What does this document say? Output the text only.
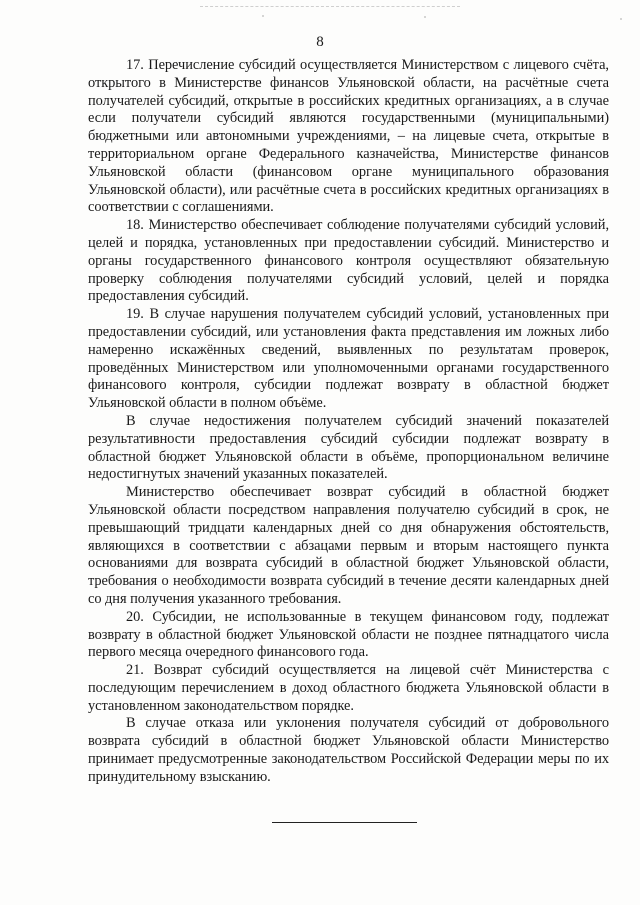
8

17. Перечисление субсидий осуществляется Министерством с лицевого счёта, открытого в Министерстве финансов Ульяновской области, на расчётные счета получателей субсидий, открытые в российских кредитных организациях, а в случае если получатели субсидий являются государственными (муниципальными) бюджетными или автономными учреждениями, – на лицевые счета, открытые в территориальном органе Федерального казначейства, Министерстве финансов Ульяновской области (финансовом органе муниципального образования Ульяновской области), или расчётные счета в российских кредитных организациях в соответствии с соглашениями.

18. Министерство обеспечивает соблюдение получателями субсидий условий, целей и порядка, установленных при предоставлении субсидий. Министерство и органы государственного финансового контроля осуществляют обязательную проверку соблюдения получателями субсидий условий, целей и порядка предоставления субсидий.

19. В случае нарушения получателем субсидий условий, установленных при предоставлении субсидий, или установления факта представления им ложных либо намеренно искажённых сведений, выявленных по результатам проверок, проведённых Министерством или уполномоченными органами государственного финансового контроля, субсидии подлежат возврату в областной бюджет Ульяновской области в полном объёме.

В случае недостижения получателем субсидий значений показателей результативности предоставления субсидий субсидии подлежат возврату в областной бюджет Ульяновской области в объёме, пропорциональном величине недостигнутых значений указанных показателей.

Министерство обеспечивает возврат субсидий в областной бюджет Ульяновской области посредством направления получателю субсидий в срок, не превышающий тридцати календарных дней со дня обнаружения обстоятельств, являющихся в соответствии с абзацами первым и вторым настоящего пункта основаниями для возврата субсидий в областной бюджет Ульяновской области, требования о необходимости возврата субсидий в течение десяти календарных дней со дня получения указанного требования.

20. Субсидии, не использованные в текущем финансовом году, подлежат возврату в областной бюджет Ульяновской области не позднее пятнадцатого числа первого месяца очередного финансового года.

21. Возврат субсидий осуществляется на лицевой счёт Министерства с последующим перечислением в доход областного бюджета Ульяновской области в установленном законодательством порядке.

В случае отказа или уклонения получателя субсидий от добровольного возврата субсидий в областной бюджет Ульяновской области Министерство принимает предусмотренные законодательством Российской Федерации меры по их принудительному взысканию.
